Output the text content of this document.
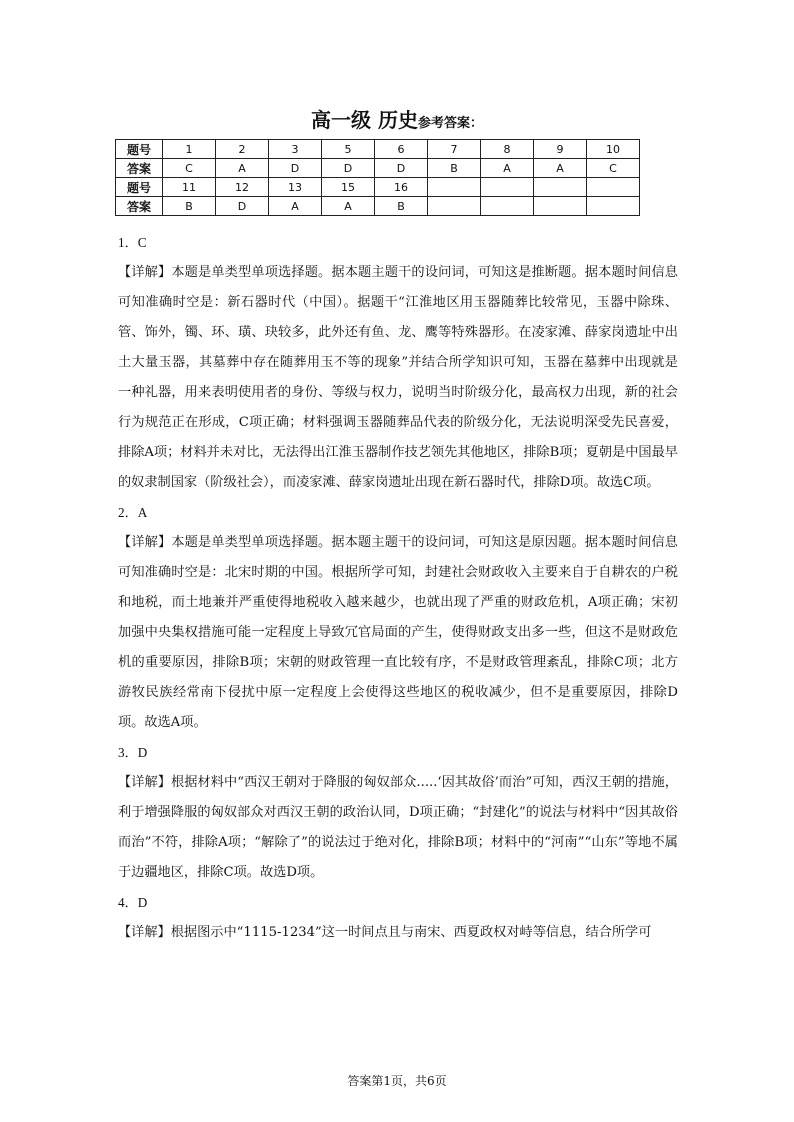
高一级 历史参考答案：
题号	1	2	3	5	6	7	8	9	10
答案	C	A	D	D	D	B	A	A	C
题号	11	12	13	15	16				
答案	B	D	A	A	B				

1．C

【详解】本题是单类型单项选择题。据本题主题干的设问词，可知这是推断题。据本题时间信息可知准确时空是：新石器时代（中国）。据题干“江淮地区用玉器随葬比较常见，玉器中除珠、管、饰外，镯、环、璜、玦较多，此外还有鱼、龙、鹰等特殊器形。在凌家滩、薛家岗遗址中出土大量玉器，其墓葬中存在随葬用玉不等的现象”并结合所学知识可知，玉器在墓葬中出现就是一种礼器，用来表明使用者的身份、等级与权力，说明当时阶级分化，最高权力出现，新的社会行为规范正在形成，C项正确；材料强调玉器随葬品代表的阶级分化，无法说明深受先民喜爱，排除A项；材料并未对比，无法得出江淮玉器制作技艺领先其他地区，排除B项；夏朝是中国最早的奴隶制国家（阶级社会），而凌家滩、薛家岗遗址出现在新石器时代，排除D项。故选C项。

2．A

【详解】本题是单类型单项选择题。据本题主题干的设问词，可知这是原因题。据本题时间信息可知准确时空是：北宋时期的中国。根据所学可知，封建社会财政收入主要来自于自耕农的户税和地税，而土地兼并严重使得地税收入越来越少，也就出现了严重的财政危机，A项正确；宋初加强中央集权措施可能一定程度上导致冗官局面的产生，使得财政支出多一些，但这不是财政危机的重要原因，排除B项；宋朝的财政管理一直比较有序，不是财政管理紊乱，排除C项；北方游牧民族经常南下侵扰中原一定程度上会使得这些地区的税收减少，但不是重要原因，排除D项。故选A项。

3．D

【详解】根据材料中“西汉王朝对于降服的匈奴部众.....‘因其故俗’而治”可知，西汉王朝的措施，利于增强降服的匈奴部众对西汉王朝的政治认同，D项正确；“封建化”的说法与材料中“因其故俗而治”不符，排除A项；“解除了”的说法过于绝对化，排除B项；材料中的“河南”“山东”等地不属于边疆地区，排除C项。故选D项。

4．D

【详解】根据图示中“1115-1234”这一时间点且与南宋、西夏政权对峙等信息，结合所学可

答案第1页，共6页
